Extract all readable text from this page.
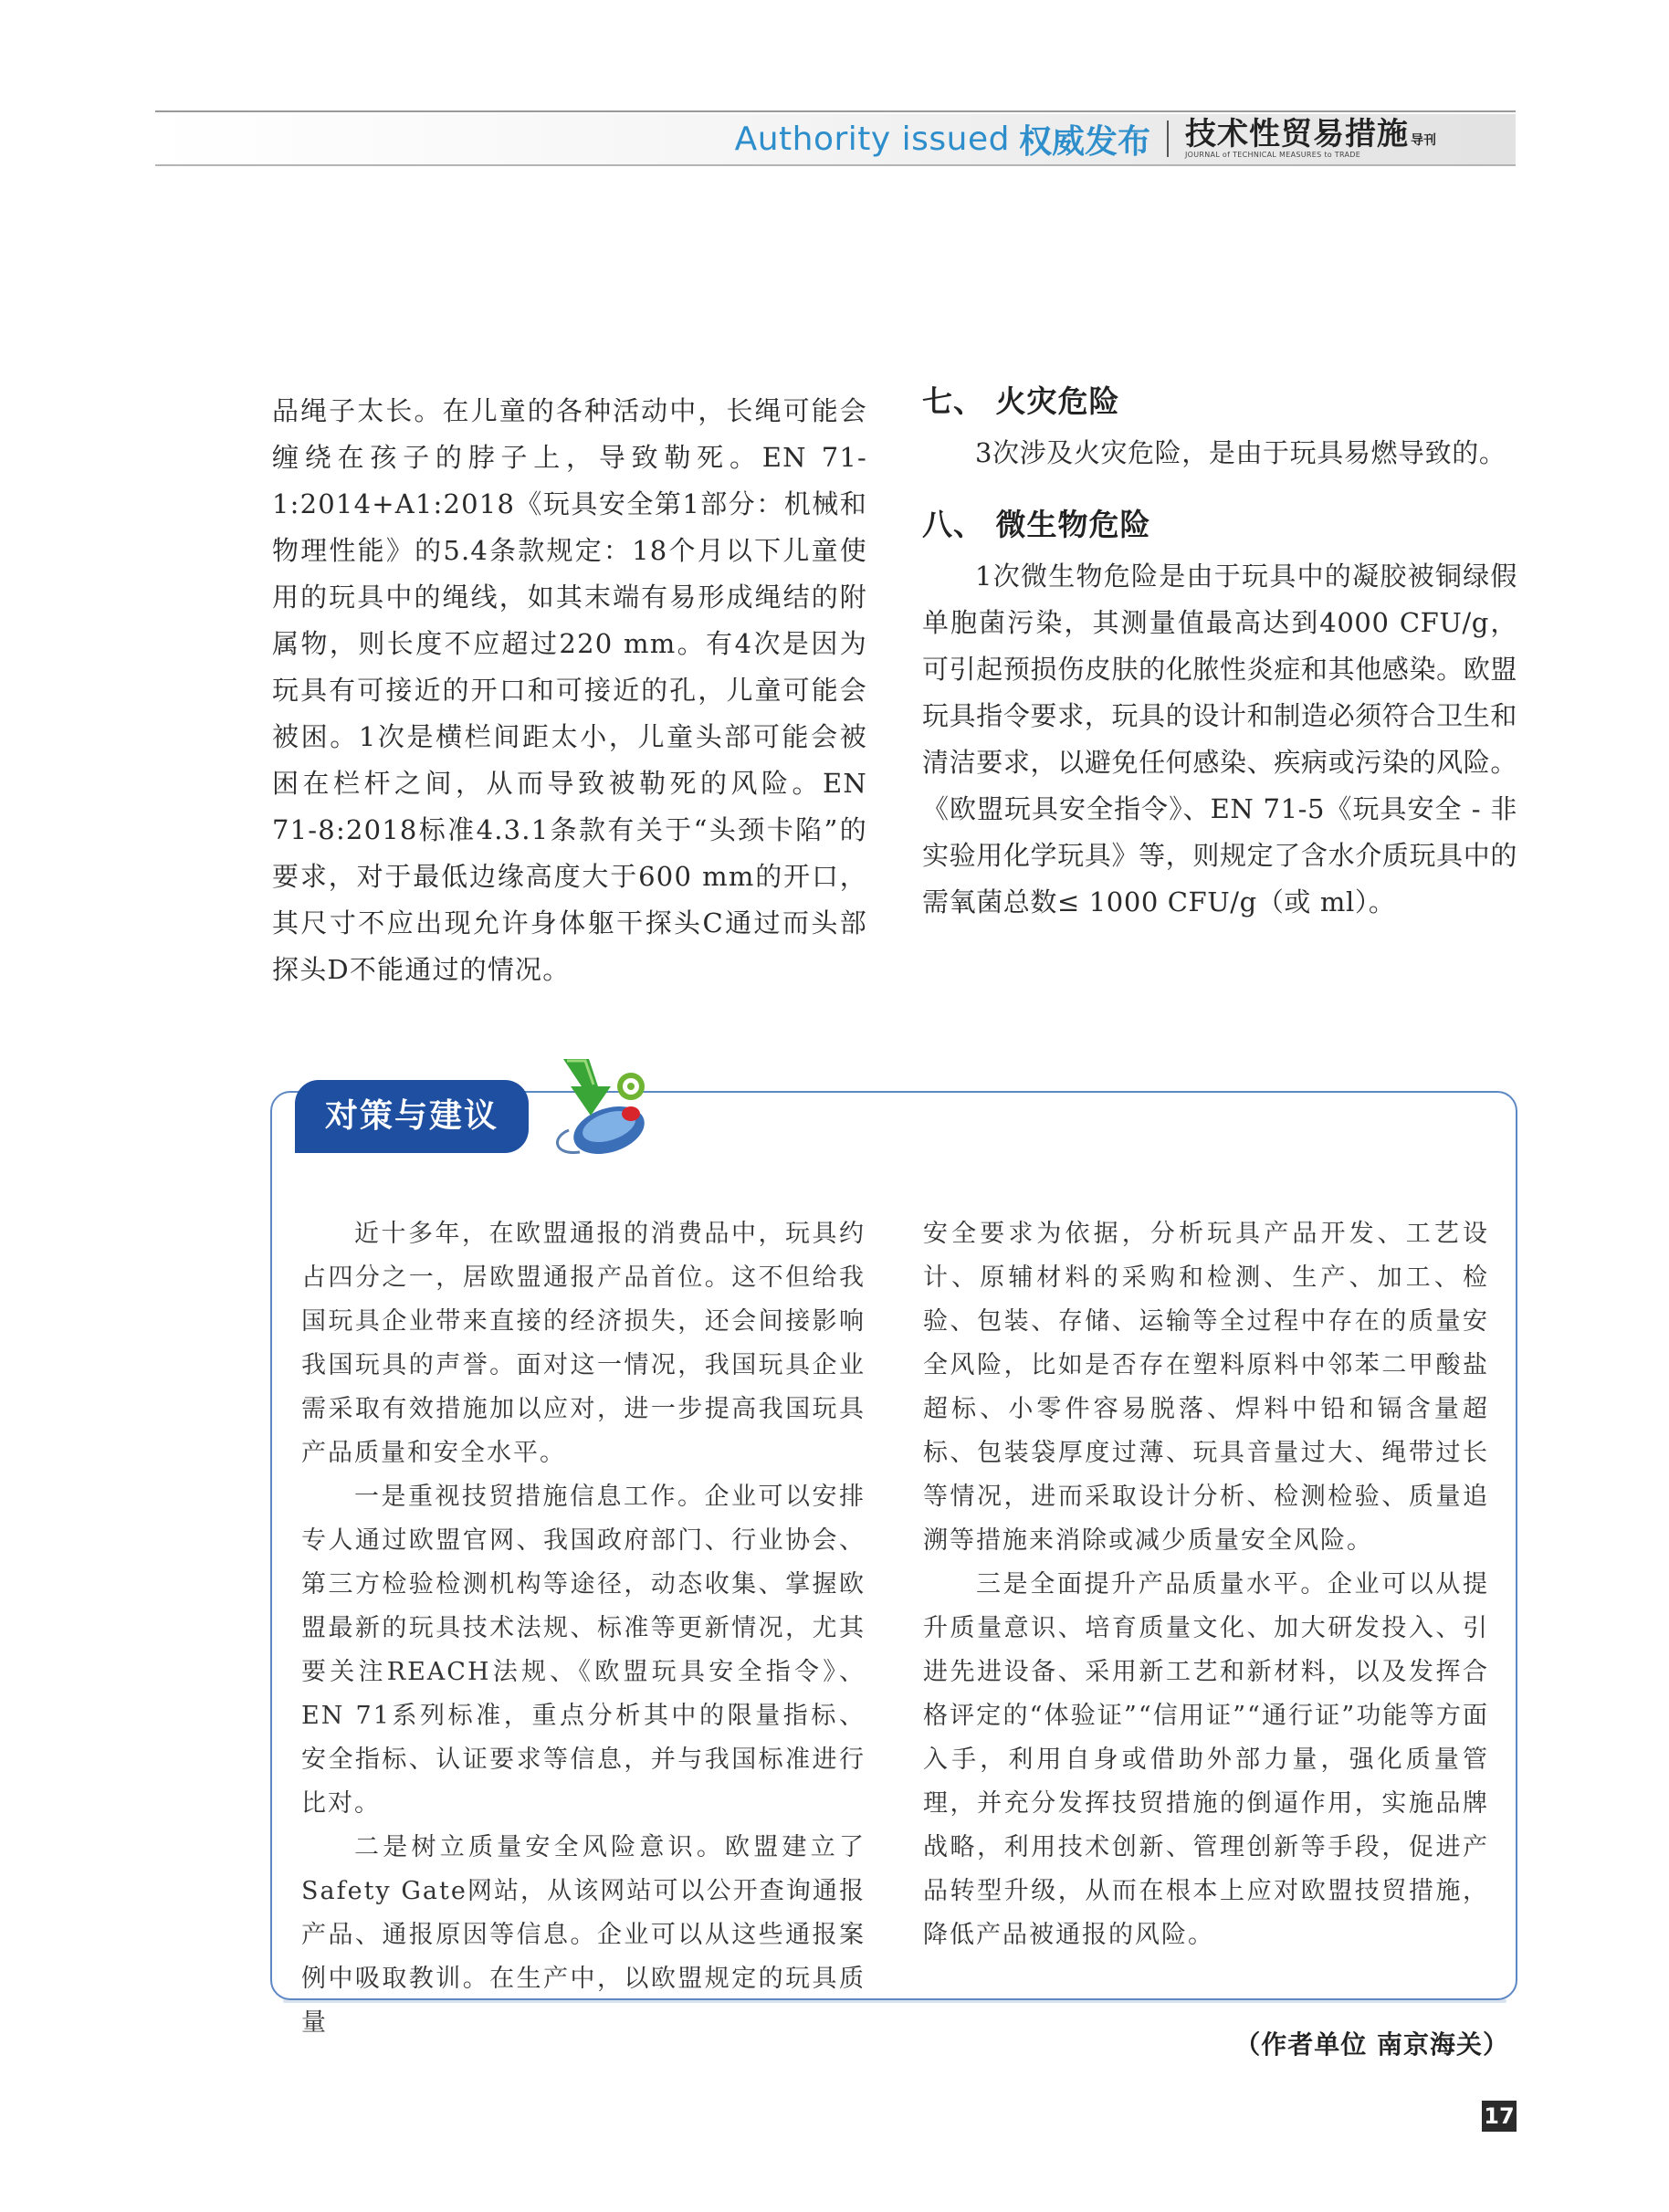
Authority issued 权威发布 技术性贸易措施 导刊
JOURNAL of TECHNICAL MEASURES to TRADE

品绳子太长。在儿童的各种活动中，长绳可能会缠绕在孩子的脖子上，导致勒死。EN 71-1:2014+A1:2018《玩具安全第1部分：机械和物理性能》的5.4条款规定：18个月以下儿童使用的玩具中的绳线，如其末端有易形成绳结的附属物，则长度不应超过220 mm。有4次是因为玩具有可接近的开口和可接近的孔，儿童可能会被困。1次是横栏间距太小，儿童头部可能会被困在栏杆之间，从而导致被勒死的风险。EN 71-8:2018标准4.3.1条款有关于“头颈卡陷”的要求，对于最低边缘高度大于600 mm的开口，其尺寸不应出现允许身体躯干探头C通过而头部探头D不能通过的情况。

七、 火灾危险

3次涉及火灾危险，是由于玩具易燃导致的。

八、 微生物危险

1次微生物危险是由于玩具中的凝胶被铜绿假单胞菌污染，其测量值最高达到4000 CFU/g，可引起预损伤皮肤的化脓性炎症和其他感染。欧盟玩具指令要求，玩具的设计和制造必须符合卫生和清洁要求，以避免任何感染、疾病或污染的风险。《欧盟玩具安全指令》、EN 71-5《玩具安全 - 非实验用化学玩具》等，则规定了含水介质玩具中的需氧菌总数≤ 1000 CFU/g（或 ml）。

对策与建议

近十多年，在欧盟通报的消费品中，玩具约占四分之一，居欧盟通报产品首位。这不但给我国玩具企业带来直接的经济损失，还会间接影响我国玩具的声誉。面对这一情况，我国玩具企业需采取有效措施加以应对，进一步提高我国玩具产品质量和安全水平。

一是重视技贸措施信息工作。企业可以安排专人通过欧盟官网、我国政府部门、行业协会、第三方检验检测机构等途径，动态收集、掌握欧盟最新的玩具技术法规、标准等更新情况，尤其要关注REACH法规、《欧盟玩具安全指令》、EN 71系列标准，重点分析其中的限量指标、安全指标、认证要求等信息，并与我国标准进行比对。

二是树立质量安全风险意识。欧盟建立了Safety Gate网站，从该网站可以公开查询通报产品、通报原因等信息。企业可以从这些通报案例中吸取教训。在生产中，以欧盟规定的玩具质量

安全要求为依据，分析玩具产品开发、工艺设计、原辅材料的采购和检测、生产、加工、检验、包装、存储、运输等全过程中存在的质量安全风险，比如是否存在塑料原料中邻苯二甲酸盐超标、小零件容易脱落、焊料中铅和镉含量超标、包装袋厚度过薄、玩具音量过大、绳带过长等情况，进而采取设计分析、检测检验、质量追溯等措施来消除或减少质量安全风险。

三是全面提升产品质量水平。企业可以从提升质量意识、培育质量文化、加大研发投入、引进先进设备、采用新工艺和新材料，以及发挥合格评定的“体验证”“信用证”“通行证”功能等方面入手，利用自身或借助外部力量，强化质量管理，并充分发挥技贸措施的倒逼作用，实施品牌战略，利用技术创新、管理创新等手段，促进产品转型升级，从而在根本上应对欧盟技贸措施，降低产品被通报的风险。

（作者单位 南京海关）
17
